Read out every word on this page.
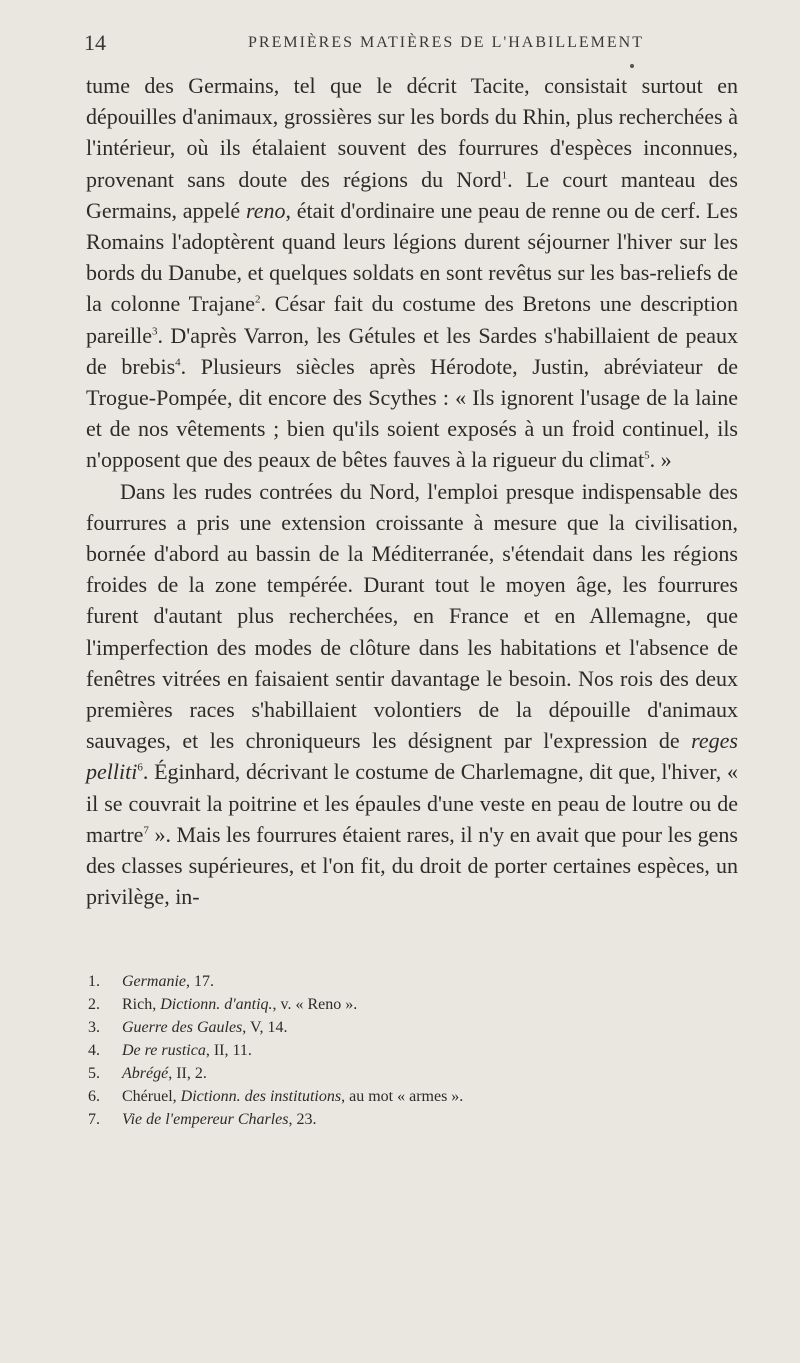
14	PREMIÈRES MATIÈRES DE L'HABILLEMENT

tume des Germains, tel que le décrit Tacite, consistait surtout en dépouilles d'animaux, grossières sur les bords du Rhin, plus recherchées à l'intérieur, où ils étalaient souvent des fourrures d'espèces inconnues, provenant sans doute des régions du Nord$^1$. Le court manteau des Germains, appelé reno, était d'ordinaire une peau de renne ou de cerf. Les Romains l'adoptèrent quand leurs légions durent séjourner l'hiver sur les bords du Danube, et quelques soldats en sont revêtus sur les bas-reliefs de la colonne Trajane$^2$. César fait du costume des Bretons une description pareille$^3$. D'après Varron, les Gétules et les Sardes s'habillaient de peaux de brebis$^4$. Plusieurs siècles après Hérodote, Justin, abréviateur de Trogue-Pompée, dit encore des Scythes : « Ils ignorent l'usage de la laine et de nos vêtements ; bien qu'ils soient exposés à un froid continuel, ils n'opposent que des peaux de bêtes fauves à la rigueur du climat$^5$. »

Dans les rudes contrées du Nord, l'emploi presque indispensable des fourrures a pris une extension croissante à mesure que la civilisation, bornée d'abord au bassin de la Méditerranée, s'étendait dans les régions froides de la zone tempérée. Durant tout le moyen âge, les fourrures furent d'autant plus recherchées, en France et en Allemagne, que l'imperfection des modes de clôture dans les habitations et l'absence de fenêtres vitrées en faisaient sentir davantage le besoin. Nos rois des deux premières races s'habillaient volontiers de la dépouille d'animaux sauvages, et les chroniqueurs les désignent par l'expression de reges pelliti$^6$. Éginhard, décrivant le costume de Charlemagne, dit que, l'hiver, « il se couvrait la poitrine et les épaules d'une veste en peau de loutre ou de martre$^7$ ». Mais les fourrures étaient rares, il n'y en avait que pour les gens des classes supérieures, et l'on fit, du droit de porter certaines espèces, un privilège, in-

1.	Germanie, 17.
2.	Rich, Dictionn. d'antiq., v. « Reno ».
3.	Guerre des Gaules, V, 14.
4.	De re rustica, II, 11.
5.	Abrégé, II, 2.
6.	Chéruel, Dictionn. des institutions, au mot « armes ».
7.	Vie de l'empereur Charles, 23.
